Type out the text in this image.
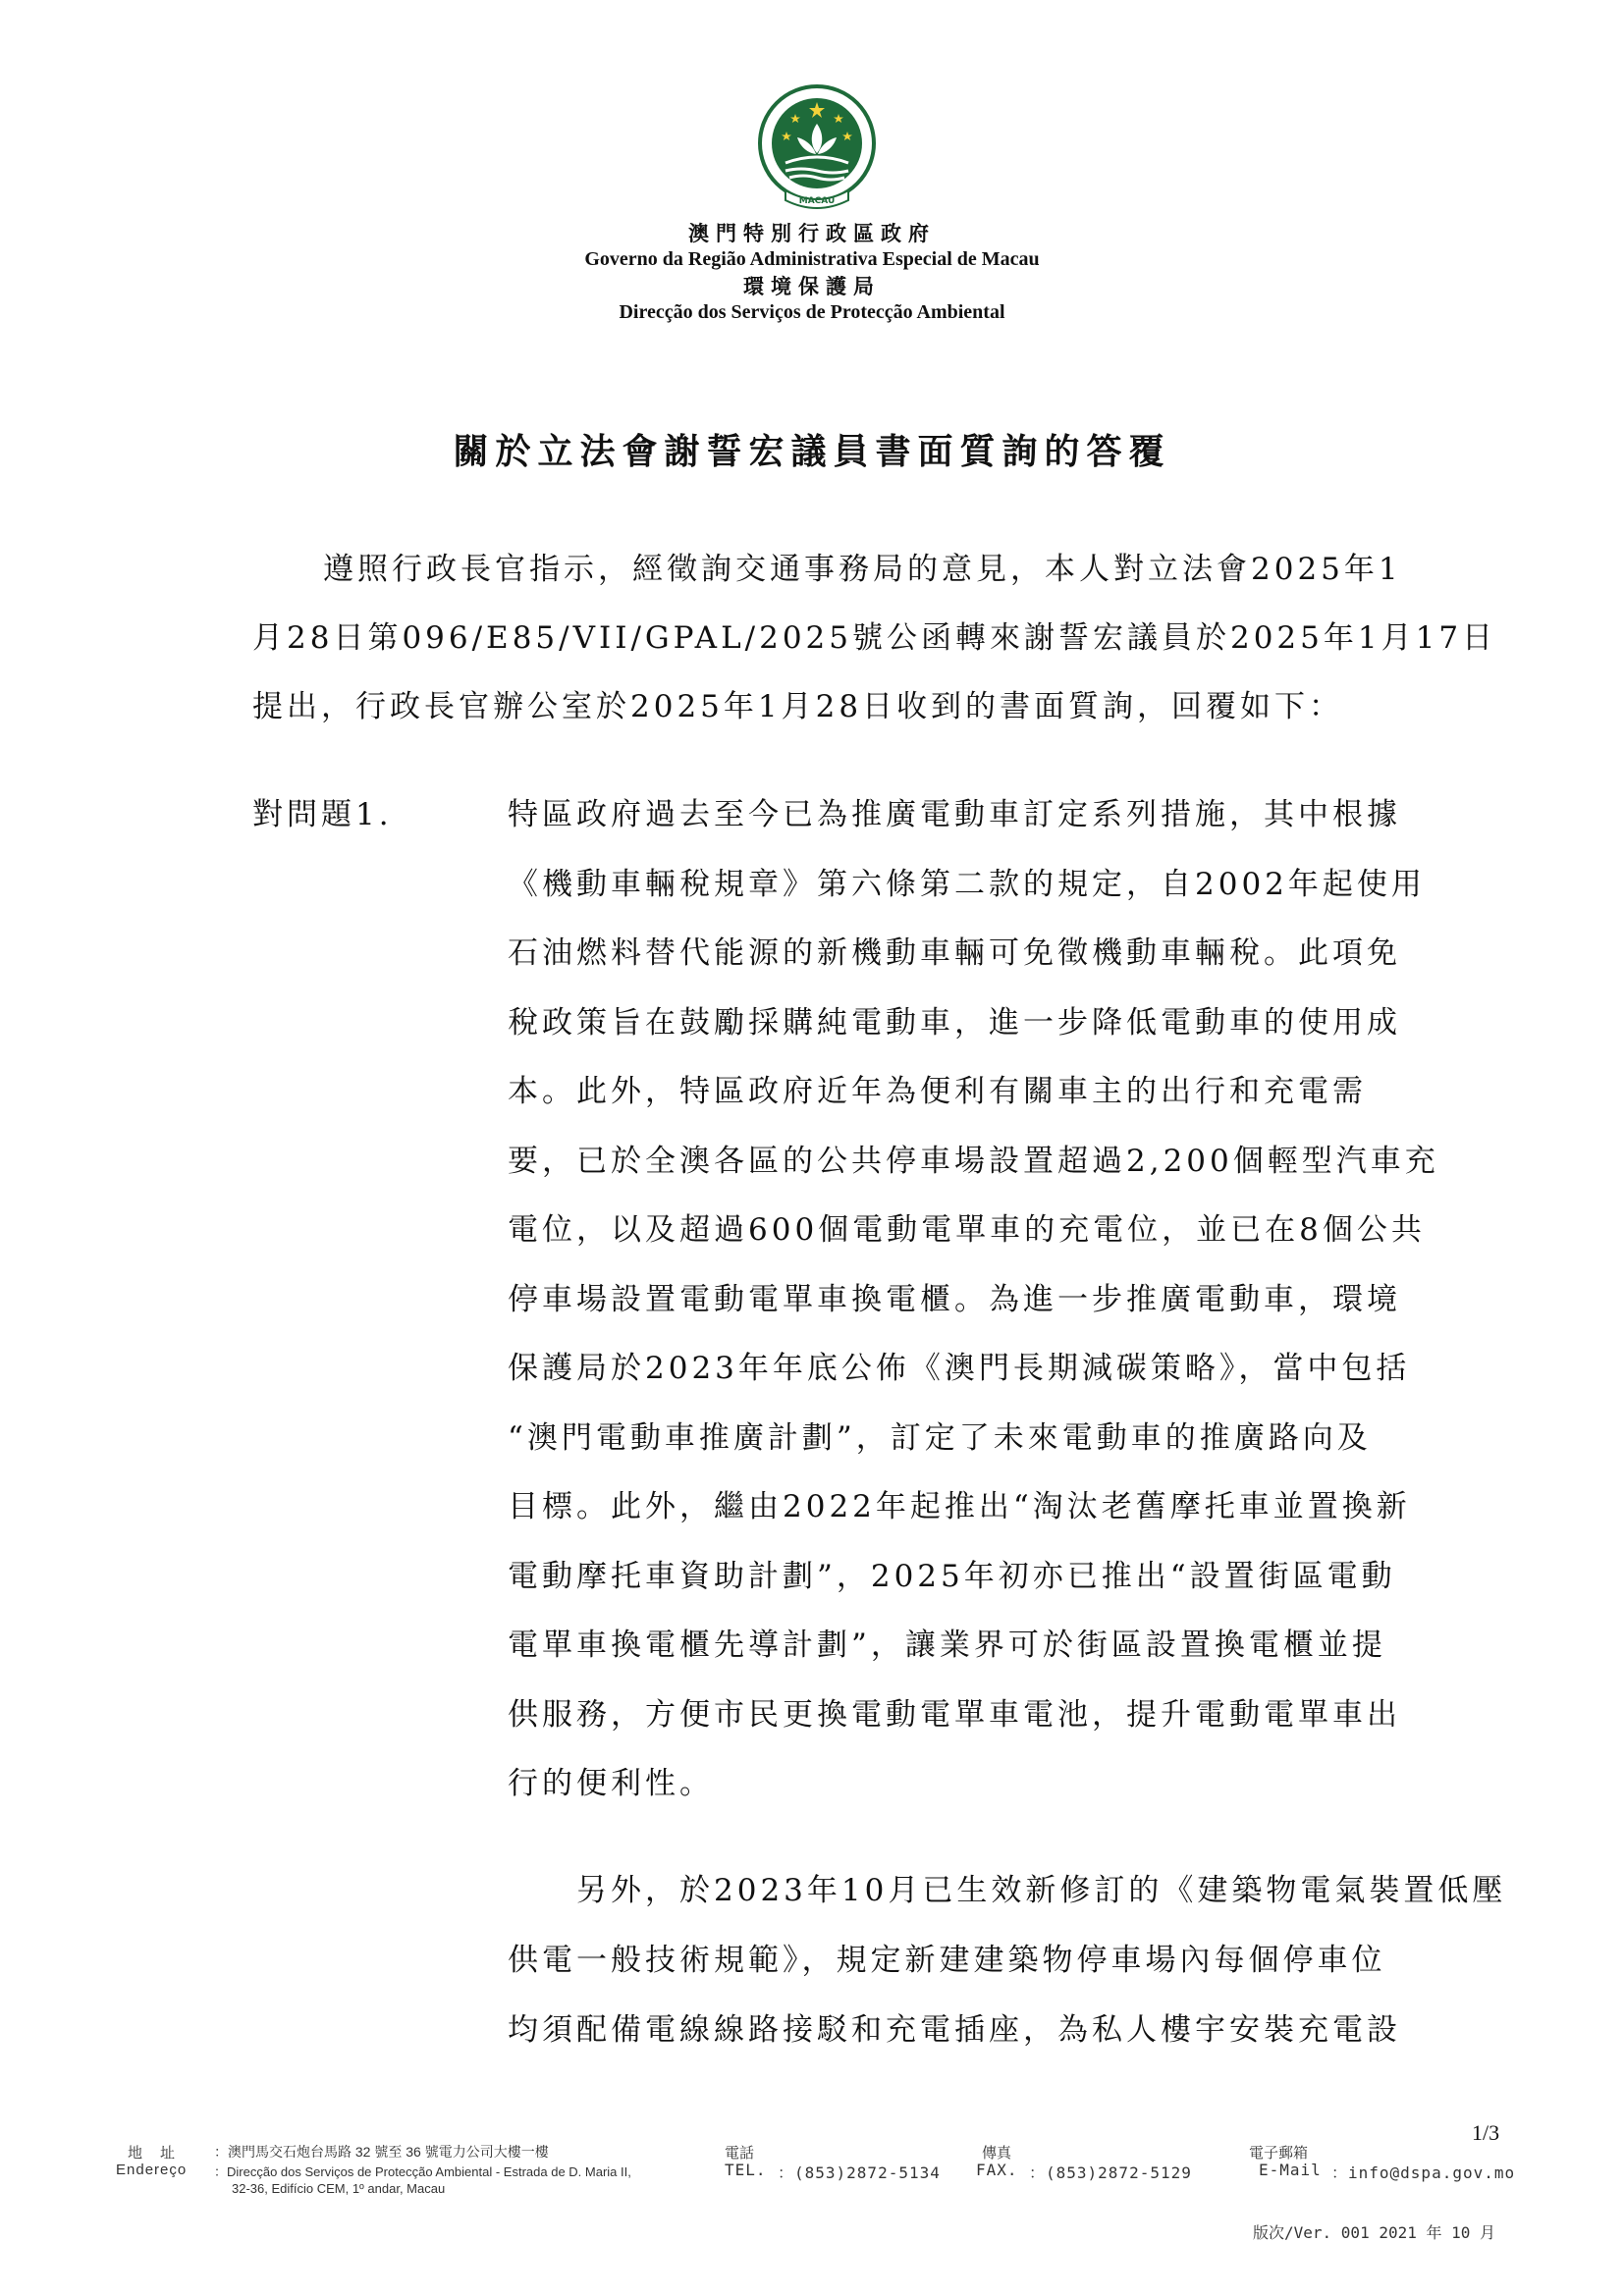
MACAU
澳門特別行政區政府
Governo da Região Administrativa Especial de Macau
環境保護局
Direcção dos Serviços de Protecção Ambiental
關於立法會謝誓宏議員書面質詢的答覆

遵照行政長官指示，經徵詢交通事務局的意見，本人對立法會2025年1
月28日第096/E85/VII/GPAL/2025號公函轉來謝誓宏議員於2025年1月17日
提出，行政長官辦公室於2025年1月28日收到的書面質詢，回覆如下：

對問題1.	特區政府過去至今已為推廣電動車訂定系列措施，其中根據
《機動車輛稅規章》第六條第二款的規定，自2002年起使用
石油燃料替代能源的新機動車輛可免徵機動車輛稅。此項免
稅政策旨在鼓勵採購純電動車，進一步降低電動車的使用成
本。此外，特區政府近年為便利有關車主的出行和充電需
要，已於全澳各區的公共停車場設置超過2,200個輕型汽車充
電位，以及超過600個電動電單車的充電位，並已在8個公共
停車場設置電動電單車換電櫃。為進一步推廣電動車，環境
保護局於2023年年底公佈《澳門長期減碳策略》，當中包括
“澳門電動車推廣計劃”，訂定了未來電動車的推廣路向及
目標。此外，繼由2022年起推出“淘汰老舊摩托車並置換新
電動摩托車資助計劃”，2025年初亦已推出“設置街區電動
電單車換電櫃先導計劃”，讓業界可於街區設置換電櫃並提
供服務，方便市民更換電動電單車電池，提升電動電單車出
行的便利性。
另外，於2023年10月已生效新修訂的《建築物電氣裝置低壓
供電一般技術規範》，規定新建建築物停車場內每個停車位
均須配備電線線路接駁和充電插座，為私人樓宇安裝充電設
1/3
地址
Endereço
：澳門馬交石炮台馬路 32 號至 36 號電力公司大樓一樓
：Direcção dos Serviços de Protecção Ambiental - Estrada de D. Maria II,
32-36, Edifício CEM, 1º andar, Macau
電話
TEL. ：(853)2872-5134
傳真
FAX. ：(853)2872-5129
電子郵箱
E-Mail ：info@dspa.gov.mo
版次/Ver. 001 2021 年 10 月
